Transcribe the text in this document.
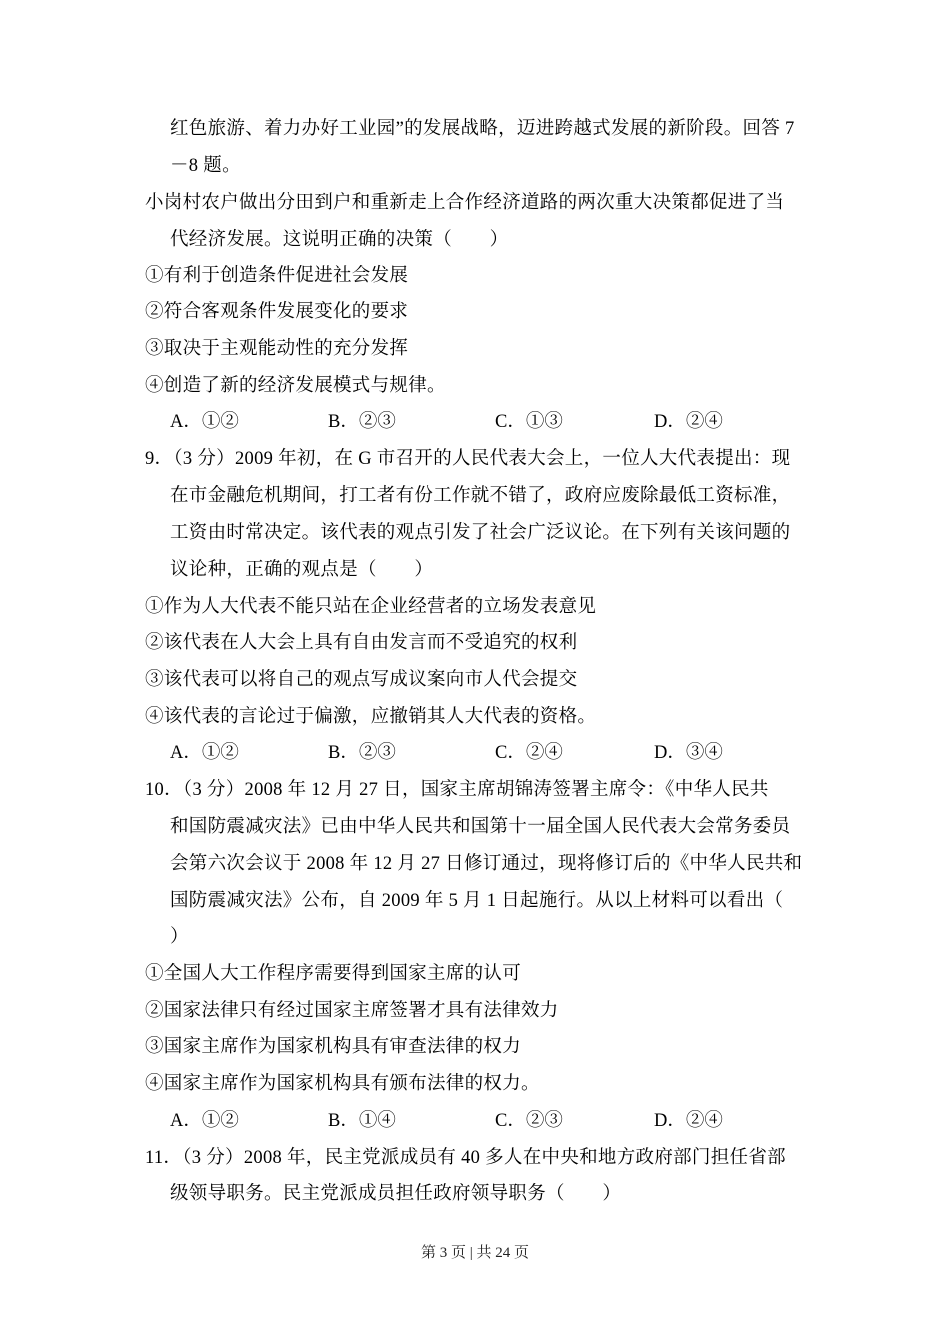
红色旅游、着力办好工业园”的发展战略，迈进跨越式发展的新阶段。回答 7
－8 题。
小岗村农户做出分田到户和重新走上合作经济道路的两次重大决策都促进了当
代经济发展。这说明正确的决策（　　）
①有利于创造条件促进社会发展
②符合客观条件发展变化的要求
③取决于主观能动性的充分发挥
④创造了新的经济发展模式与规律。
A．①②	B．②③	C．①③	D．②④
9．（3 分）2009 年初，在 G 市召开的人民代表大会上，一位人大代表提出：现
在市金融危机期间，打工者有份工作就不错了，政府应废除最低工资标准，
工资由时常决定。该代表的观点引发了社会广泛议论。在下列有关该问题的
议论种，正确的观点是（　　）
①作为人大代表不能只站在企业经营者的立场发表意见
②该代表在人大会上具有自由发言而不受追究的权利
③该代表可以将自己的观点写成议案向市人代会提交
④该代表的言论过于偏激，应撤销其人大代表的资格。
A．①②	B．②③	C．②④	D．③④
10．（3 分）2008 年 12 月 27 日，国家主席胡锦涛签署主席令：《中华人民共
和国防震减灾法》已由中华人民共和国第十一届全国人民代表大会常务委员
会第六次会议于 2008 年 12 月 27 日修订通过，现将修订后的《中华人民共和
国防震减灾法》公布，自 2009 年 5 月 1 日起施行。从以上材料可以看出（
）
①全国人大工作程序需要得到国家主席的认可
②国家法律只有经过国家主席签署才具有法律效力
③国家主席作为国家机构具有审查法律的权力
④国家主席作为国家机构具有颁布法律的权力。
A．①②	B．①④	C．②③	D．②④
11．（3 分）2008 年，民主党派成员有 40 多人在中央和地方政府部门担任省部
级领导职务。民主党派成员担任政府领导职务（　　）
第 3 页 | 共 24 页
